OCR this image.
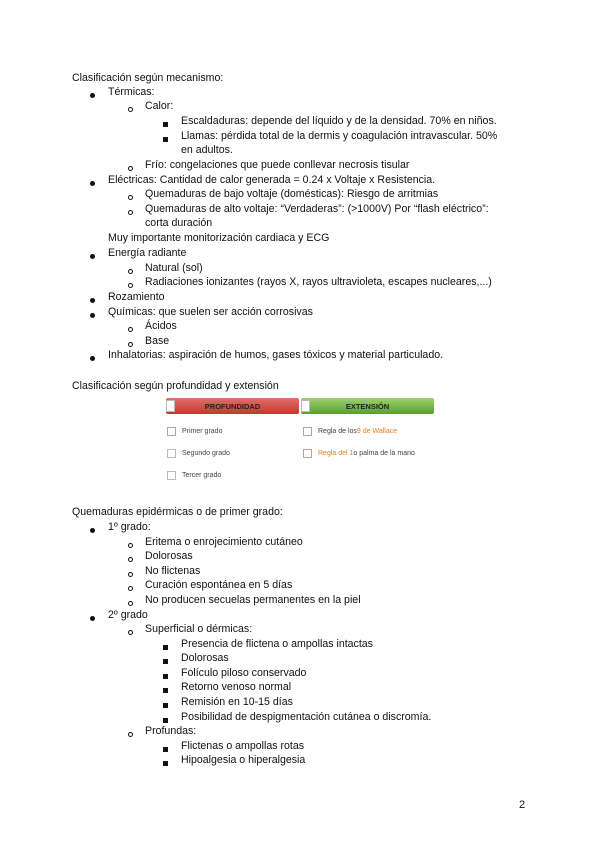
Clasificación según mecanismo:
Térmicas:
Calor:
Escaldaduras: depende del líquido y de la densidad. 70% en niños.
Llamas: pérdida total de la dermis y coagulación intravascular. 50%
en adultos.
Frío: congelaciones que puede conllevar necrosis tisular
Eléctricas: Cantidad de calor generada = 0.24 x Voltaje x Resistencia.
Quemaduras de bajo voltaje (domésticas): Riesgo de arritmias
Quemaduras de alto voltaje: “Verdaderas”: (>1000V) Por “flash eléctrico”:
corta duración
Muy importante monitorización cardiaca y ECG
Energía radiante
Natural (sol)
Radiaciones ionizantes (rayos X, rayos ultravioleta, escapes nucleares,...)
Rozamiento
Químicas: que suelen ser acción corrosivas
Ácidos
Base
Inhalatorias: aspiración de humos, gases tóxicos y material particulado.
Clasificación según profundidad y extensión
PROFUNDIDAD	EXTENSIÓN
Primer grado
Segundo grado
Tercer grado
Regla de los 9 de Wallace
Regla del 1 o palma de la mano
Quemaduras epidérmicas o de primer grado:
1º grado:
Eritema o enrojecimiento cutáneo
Dolorosas
No flictenas
Curación espontánea en 5 días
No producen secuelas permanentes en la piel
2º grado
Superficial o dérmicas:
Presencia de flictena o ampollas intactas
Dolorosas
Folículo piloso conservado
Retorno venoso normal
Remisión en 10-15 días
Posibilidad de despigmentación cutánea o discromía.
Profundas:
Flictenas o ampollas rotas
Hipoalgesia o hiperalgesia
2
